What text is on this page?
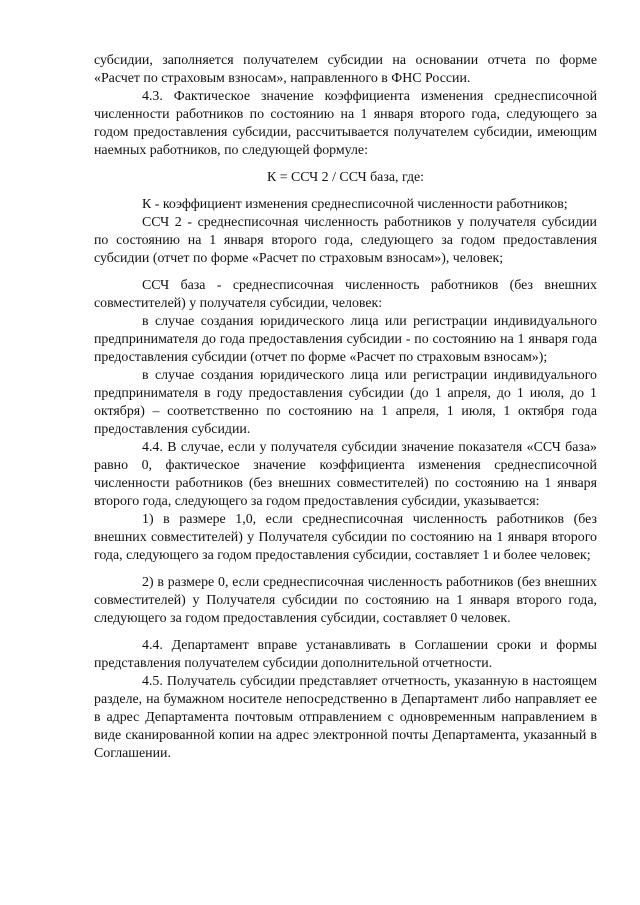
субсидии, заполняется получателем субсидии на основании отчета по форме «Расчет по страховым взносам», направленного в ФНС России.

4.3. Фактическое значение коэффициента изменения среднесписочной численности работников по состоянию на 1 января второго года, следующего за годом предоставления субсидии, рассчитывается получателем субсидии, имеющим наемных работников, по следующей формуле:

К = ССЧ 2 / ССЧ база, где:

К - коэффициент изменения среднесписочной численности работников;

ССЧ 2 - среднесписочная численность работников у получателя субсидии по состоянию на 1 января второго года, следующего за годом предоставления субсидии (отчет по форме «Расчет по страховым взносам»), человек;

ССЧ база - среднесписочная численность работников (без внешних совместителей) у получателя субсидии, человек:

в случае создания юридического лица или регистрации индивидуального предпринимателя до года предоставления субсидии - по состоянию на 1 января года предоставления субсидии (отчет по форме «Расчет по страховым взносам»);

в случае создания юридического лица или регистрации индивидуального предпринимателя в году предоставления субсидии (до 1 апреля, до 1 июля, до 1 октября) – соответственно по состоянию на 1 апреля, 1 июля, 1 октября года предоставления субсидии.

4.4. В случае, если у получателя субсидии значение показателя «ССЧ база» равно 0, фактическое значение коэффициента изменения среднесписочной численности работников (без внешних совместителей) по состоянию на 1 января второго года, следующего за годом предоставления субсидии, указывается:

1) в размере 1,0, если среднесписочная численность работников (без внешних совместителей) у Получателя субсидии по состоянию на 1 января второго года, следующего за годом предоставления субсидии, составляет 1 и более человек;

2) в размере 0, если среднесписочная численность работников (без внешних совместителей) у Получателя субсидии по состоянию на 1 января второго года, следующего за годом предоставления субсидии, составляет 0 человек.

4.4. Департамент вправе устанавливать в Соглашении сроки и формы представления получателем субсидии дополнительной отчетности.

4.5. Получатель субсидии представляет отчетность, указанную в настоящем разделе, на бумажном носителе непосредственно в Департамент либо направляет ее в адрес Департамента почтовым отправлением с одновременным направлением в виде сканированной копии на адрес электронной почты Департамента, указанный в Соглашении.
